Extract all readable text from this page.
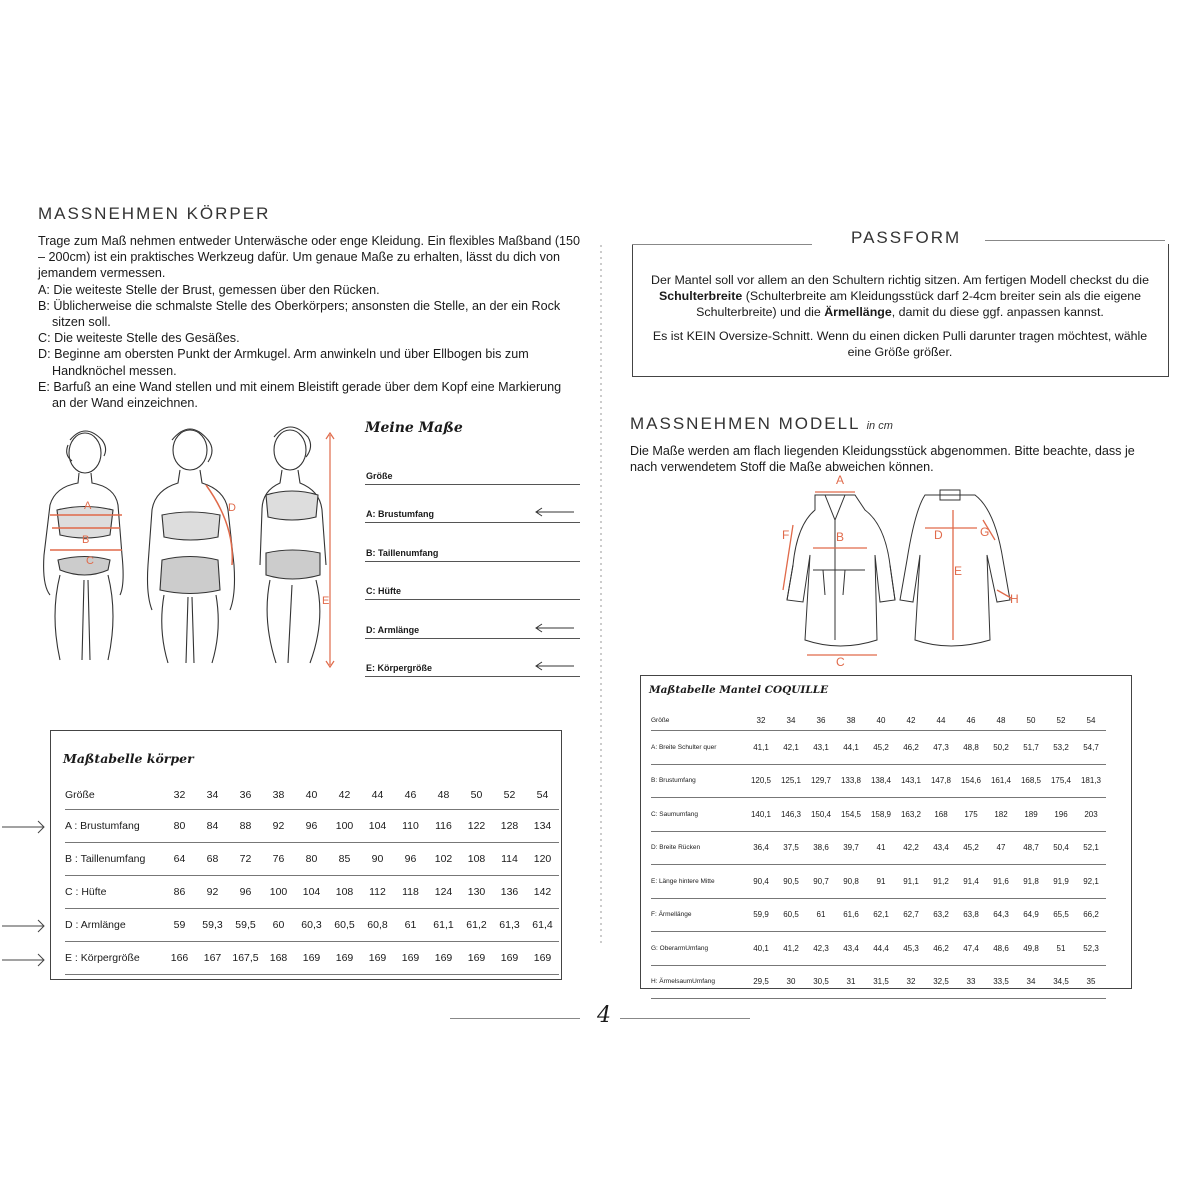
MASSNEHMEN KÖRPER

Trage zum Maß nehmen entweder Unterwäsche oder enge Kleidung. Ein flexibles Maßband (150 – 200cm) ist ein praktisches Werkzeug dafür. Um genaue Maße zu erhalten, lässt du dich von jemandem vermessen.

A: Die weiteste Stelle der Brust, gemessen über den Rücken.

B: Üblicherweise die schmalste Stelle des Oberkörpers; ansonsten die Stelle, an der ein Rock

sitzen soll.

C: Die weiteste Stelle des Gesäßes.

D: Beginne am obersten Punkt der Armkugel. Arm anwinkeln und über Ellbogen bis zum

Handknöchel messen.

E: Barfuß an eine Wand stellen und mit einem Bleistift gerade über dem Kopf eine Markierung

an der Wand einzeichnen.

A
B
C
D
E
Meine Maße
Größe
A: Brustumfang
B: Taillenumfang
C: Hüfte
D: Armlänge
E: Körpergröße
Maßtabelle körper
Größe	32	34	36	38	40	42	44	46	48	50	52	54
A : Brustumfang	80	84	88	92	96	100	104	110	116	122	128	134
B : Taillenumfang	64	68	72	76	80	85	90	96	102	108	114	120
C : Hüfte	86	92	96	100	104	108	112	118	124	130	136	142
D : Armlänge	59	59,3	59,5	60	60,3	60,5	60,8	61	61,1	61,2	61,3	61,4
E : Körpergröße	166	167	167,5	168	169	169	169	169	169	169	169	169
PASSFORM

Der Mantel soll vor allem an den Schultern richtig sitzen. Am fertigen Modell checkst du die Schulterbreite (Schulterbreite am Kleidungsstück darf 2-4cm breiter sein als die eigene Schulterbreite) und die Ärmellänge, damit du diese ggf. anpassen kannst.

Es ist KEIN Oversize-Schnitt. Wenn du einen dicken Pulli darunter tragen möchtest, wähle eine Größe größer.

MASSNEHMEN MODELL in cm
Die Maße werden am flach liegenden Kleidungsstück abgenommen. Bitte beachte, dass je nach verwendetem Stoff die Maße abweichen können.
A
B
C
D
E
F	G
H
Maßtabelle Mantel COQUILLE
Größe	32	34	36	38	40	42	44	46	48	50	52	54
A: Breite Schulter quer	41,1	42,1	43,1	44,1	45,2	46,2	47,3	48,8	50,2	51,7	53,2	54,7
B: Brustumfang	120,5	125,1	129,7	133,8	138,4	143,1	147,8	154,6	161,4	168,5	175,4	181,3
C: Saumumfang	140,1	146,3	150,4	154,5	158,9	163,2	168	175	182	189	196	203
D: Breite Rücken	36,4	37,5	38,6	39,7	41	42,2	43,4	45,2	47	48,7	50,4	52,1
E: Länge hintere Mitte	90,4	90,5	90,7	90,8	91	91,1	91,2	91,4	91,6	91,8	91,9	92,1
F: Ärmellänge	59,9	60,5	61	61,6	62,1	62,7	63,2	63,8	64,3	64,9	65,5	66,2
G: OberarmUmfang	40,1	41,2	42,3	43,4	44,4	45,3	46,2	47,4	48,6	49,8	51	52,3
H: ÄrmelsaumUmfang	29,5	30	30,5	31	31,5	32	32,5	33	33,5	34	34,5	35
4
